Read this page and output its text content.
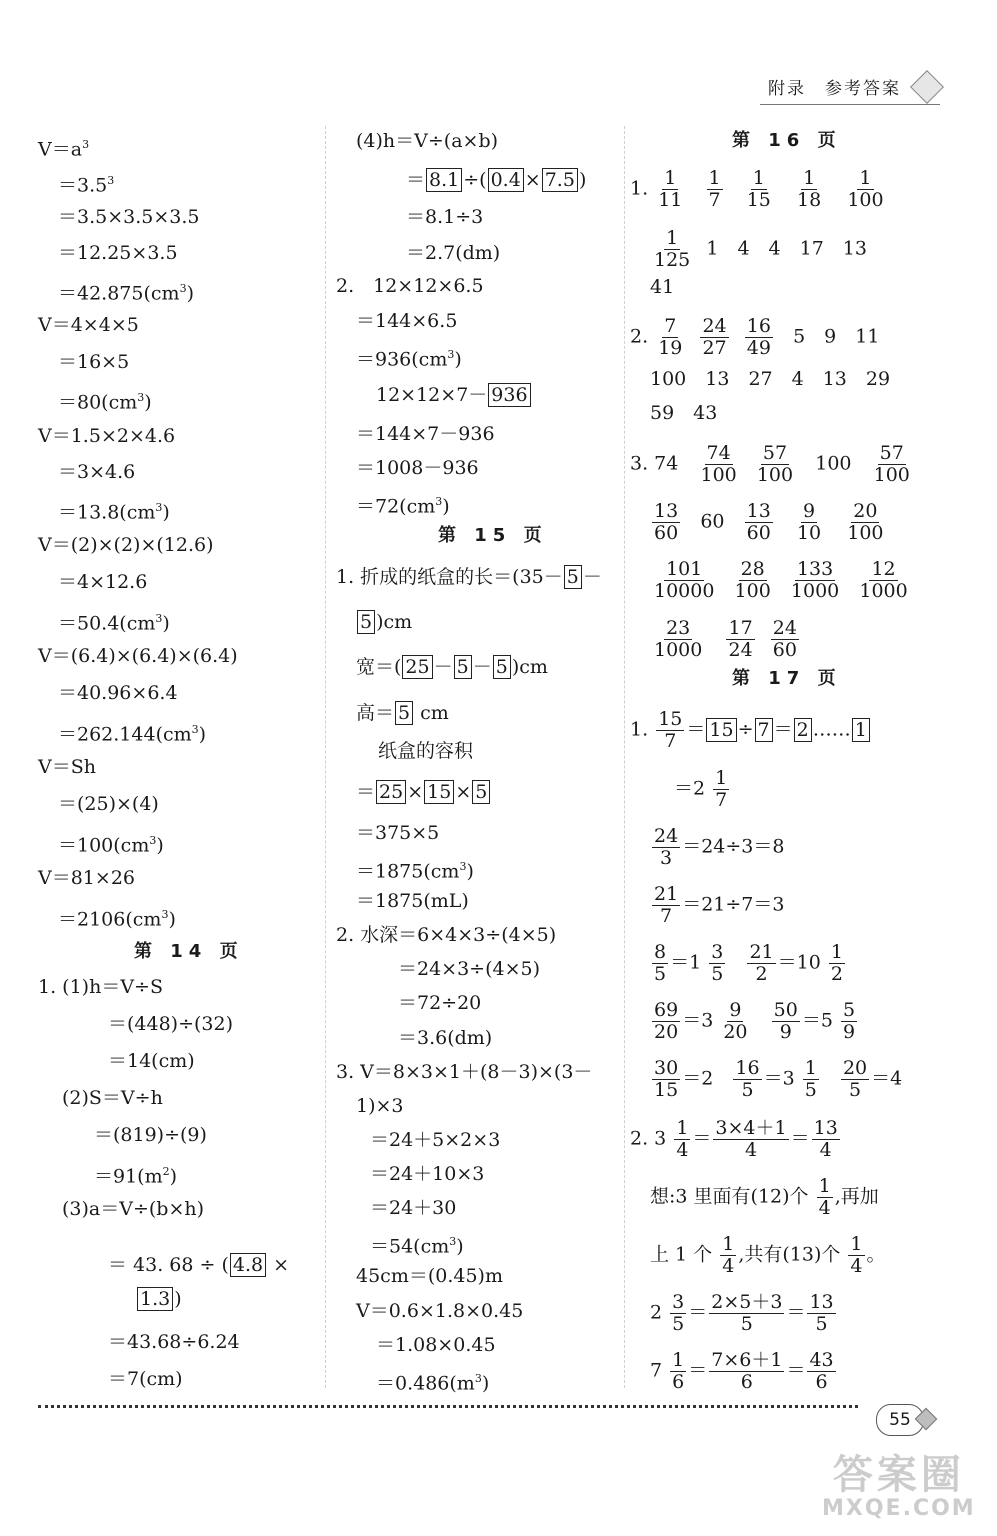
附录　参考答案
$V=a^3$
$=3.5^3$
＝3.5×3.5×3.5
＝12.25×3.5
$=42.875(cm^3)$
V＝4×4×5
＝16×5
$=80(cm^3)$
V＝1.5×2×4.6
＝3×4.6
$=13.8(cm^3)$
V＝(2)×(2)×(12.6)
＝4×12.6
$=50.4(cm^3)$
V＝(6.4)×(6.4)×(6.4)
＝40.96×6.4
$=262.144(cm^3)$
V＝Sh
＝(25)×(4)
$=100(cm^3)$
V＝81×26
$=2106(cm^3)$
第 14 页
1. (1)h＝V÷S
＝(448)÷(32)
＝14(cm)
(2)S＝V÷h
＝(819)÷(9)
$=91(m^2)$
(3)a＝V÷(b×h)
＝ 43. 68 ÷ ( 4.8 ×
1.3 )
＝43.68÷6.24
＝7(cm)
(4)h＝V÷(a×b)
＝ 8.1 ÷( 0.4 × 7.5 )
＝8.1÷3
＝2.7(dm)
2.　12×12×6.5
＝144×6.5
$=936(cm^3)$
12×12×7－ 936
＝144×7－936
＝1008－936
$=72(cm^3)$
第 15 页
1. 折成的纸盒的长＝(35－ 5 －
5 )cm
宽＝( 25 － 5 － 5 )cm
高＝ 5 cm
纸盒的容积
＝ 25 × 15 × 5
＝375×5
$=1875(cm^3)$
＝1875(mL)
2. 水深＝6×4×3÷(4×5)
＝24×3÷(4×5)
＝72÷20
＝3.6(dm)
3. V＝8×3×1＋(8－3)×(3－
1)×3
＝24＋5×2×3
＝24＋10×3
＝24＋30
$=54(cm^3)$
45cm＝(0.45)m
V＝0.6×1.8×0.45
＝1.08×0.45
$=0.486(m^3)$
第 16 页
1. $\frac{1}{11}$
$\frac{1}{7}$
$\frac{1}{15}$
$\frac{1}{18}$
$\frac{1}{100}$
$\frac{1}{125} 1$　4　4　17　13
41
2. $\frac{7}{19}$
$\frac{24}{27}$
$\frac{16}{49} 5$　9　11
100　13　27　4　13　29
59　43
3. $74 \frac{74}{100}$
$\frac{57}{100} 100 \frac{57}{100}$
$\frac{13}{60} 60 \frac{13}{60}$
$\frac{9}{10}$
$\frac{20}{100}$
$\frac{101}{10000}$
$\frac{28}{100}$
$\frac{133}{1000}$
$\frac{12}{1000}$
$\frac{23}{1000}$
$\frac{17}{24}$
$\frac{24}{60}$
第 17 页
1. $\frac{15}{7} = 15 \div 7 = 2$ …… 1
$=2 \frac{1}{7}$
$\frac{24}{3} =24\div 3=8$
$\frac{21}{7} =21\div 7=3$
$\frac{8}{5} =1 \frac{3}{5}$
$\frac{21}{2} =10 \frac{1}{2}$
$\frac{69}{20} =3 \frac{9}{20}$
$\frac{50}{9} =5 \frac{5}{9}$
$\frac{30}{15} =2 \frac{16}{5} =3 \frac{1}{5}$
$\frac{20}{5} =4$
2. $3 \frac{1}{4} = \frac{3\times 4+1}{4} = \frac{13}{4}$
想:3 里面有(12)个 $\frac{1}{4}$ ,再加
上 1 个 $\frac{1}{4}$ ,共有(13)个 $\frac{1}{4}$ 。
$2 \frac{3}{5} = \frac{2\times 5+3}{5} = \frac{13}{5}$
$7 \frac{1}{6} = \frac{7\times 6+1}{6} = \frac{43}{6}$
55
答案圈
MXQE.COM
